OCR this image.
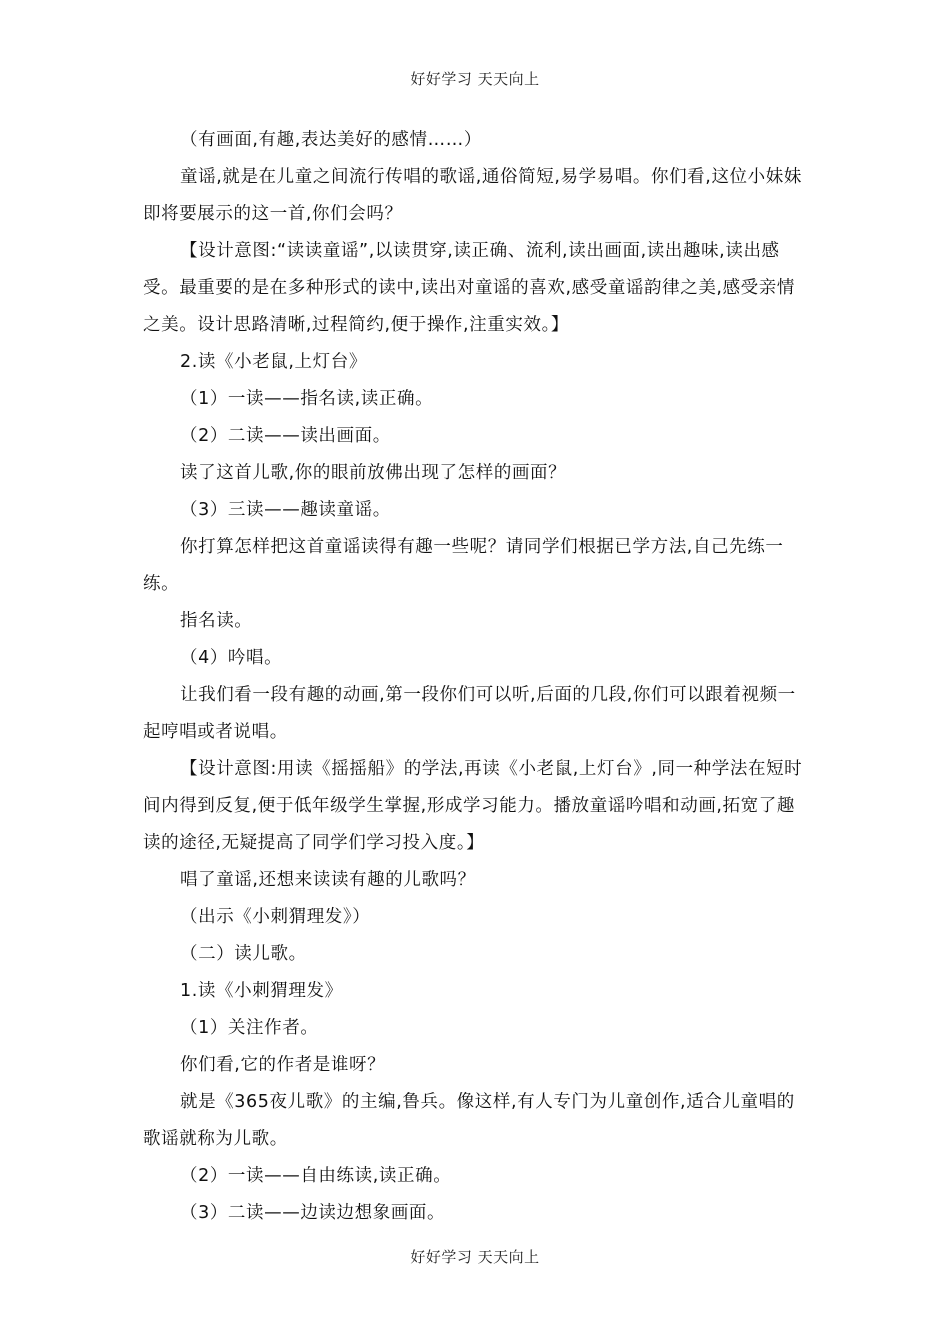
好好学习 天天向上

（有画面,有趣,表达美好的感情……）

童谣,就是在儿童之间流行传唱的歌谣,通俗简短,易学易唱。你们看,这位小妹妹即将要展示的这一首,你们会吗？

【设计意图:“读读童谣”,以读贯穿,读正确、流利,读出画面,读出趣味,读出感受。最重要的是在多种形式的读中,读出对童谣的喜欢,感受童谣韵律之美,感受亲情之美。设计思路清晰,过程简约,便于操作,注重实效。】

2.读《小老鼠,上灯台》

（1）一读——指名读,读正确。

（2）二读——读出画面。

读了这首儿歌,你的眼前放佛出现了怎样的画面？

（3）三读——趣读童谣。

你打算怎样把这首童谣读得有趣一些呢？请同学们根据已学方法,自己先练一练。

指名读。

（4）吟唱。

让我们看一段有趣的动画,第一段你们可以听,后面的几段,你们可以跟着视频一起哼唱或者说唱。

【设计意图:用读《摇摇船》的学法,再读《小老鼠,上灯台》,同一种学法在短时间内得到反复,便于低年级学生掌握,形成学习能力。播放童谣吟唱和动画,拓宽了趣读的途径,无疑提高了同学们学习投入度。】

唱了童谣,还想来读读有趣的儿歌吗？

（出示《小刺猬理发》）

（二）读儿歌。

1.读《小刺猬理发》

（1）关注作者。

你们看,它的作者是谁呀？

就是《365夜儿歌》的主编,鲁兵。像这样,有人专门为儿童创作,适合儿童唱的歌谣就称为儿歌。

（2）一读——自由练读,读正确。

（3）二读——边读边想象画面。

好好学习 天天向上
